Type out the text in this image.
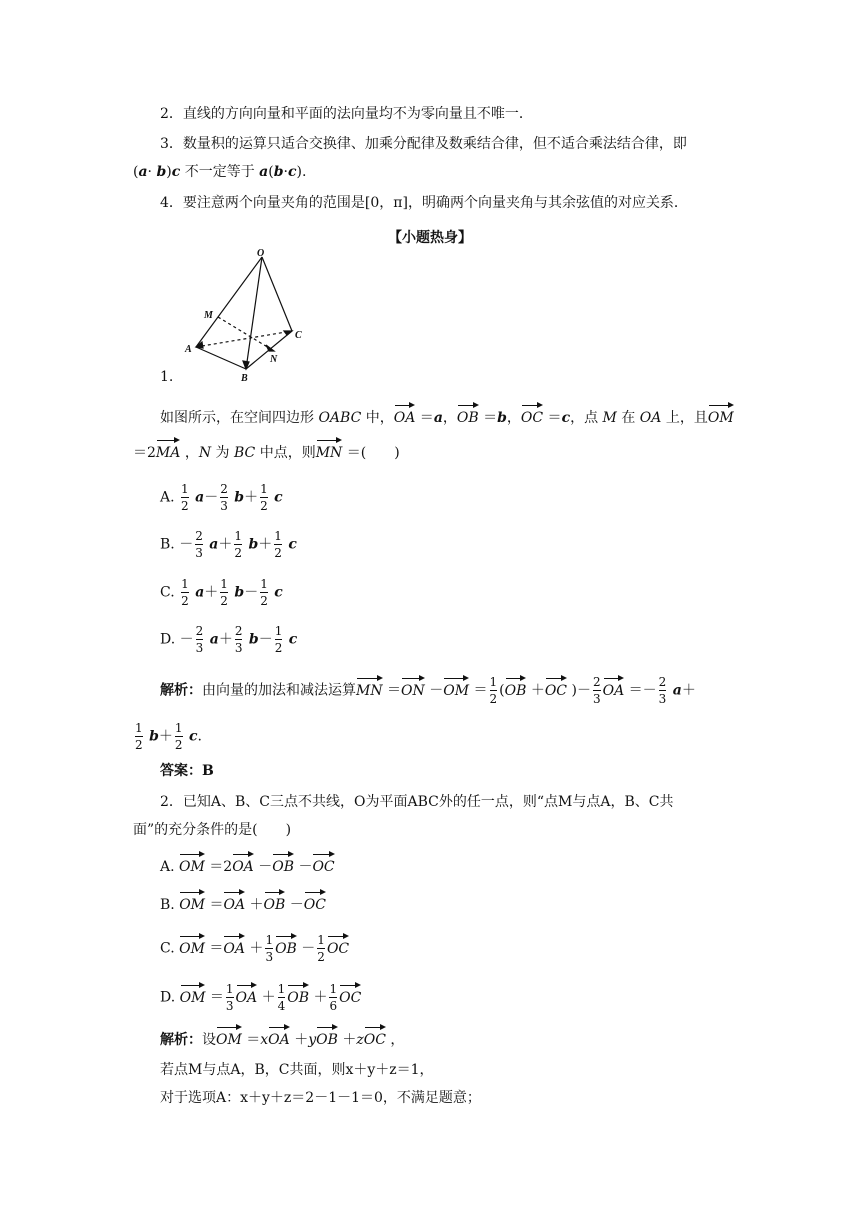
2．直线的方向向量和平面的法向量均不为零向量且不唯一．
3．数量积的运算只适合交换律、加乘分配律及数乘结合律，但不适合乘法结合律，即
(a· b)c 不一定等于 a(b·c).
4．要注意两个向量夹角的范围是[0，π]，明确两个向量夹角与其余弦值的对应关系．
【小题热身】
O
M
A
B
C
N
1.
如图所示，在空间四边形 OABC 中，OA ＝a，OB ＝b，OC ＝c，点 M 在 OA 上，且OM
＝2MA ，N 为 BC 中点，则MN ＝(　　)
A. $\frac{1}{2} a- \frac{2}{3} b+ \frac{1}{2}$ c
B. － $\frac{2}{3} a+ \frac{1}{2} b+ \frac{1}{2}$ c
C. $\frac{1}{2} a+ \frac{1}{2} b- \frac{1}{2}$ c
D. － $\frac{2}{3} a+ \frac{2}{3} b- \frac{1}{2}$ c
解析：由向量的加法和减法运算MN $=ON -OM = \frac{1}{2} (OB +OC$ )－ $\frac{2}{3}$ OA ＝－ $\frac{2}{3} a+$
$\frac{1}{2} b+ \frac{1}{2} c$.
答案：B
2．已知A、B、C三点不共线，O为平面ABC外的任一点，则“点M与点A，B、C共
面”的充分条件的是(　　)
A. OM ＝2OA －OB －OC
B. OM ＝OA ＋OB －OC
C. OM $=OA + \frac{1}{3}$ OB － $\frac{1}{2}$ OC
D. OM ＝ $\frac{1}{3}$ OA ＋ $\frac{1}{4}$ OB ＋ $\frac{1}{6}$ OC
解析：设OM ＝xOA ＋yOB ＋zOC ，
若点M与点A，B，C共面，则x＋y＋z＝1，
对于选项A：x＋y＋z＝2－1－1＝0，不满足题意；
